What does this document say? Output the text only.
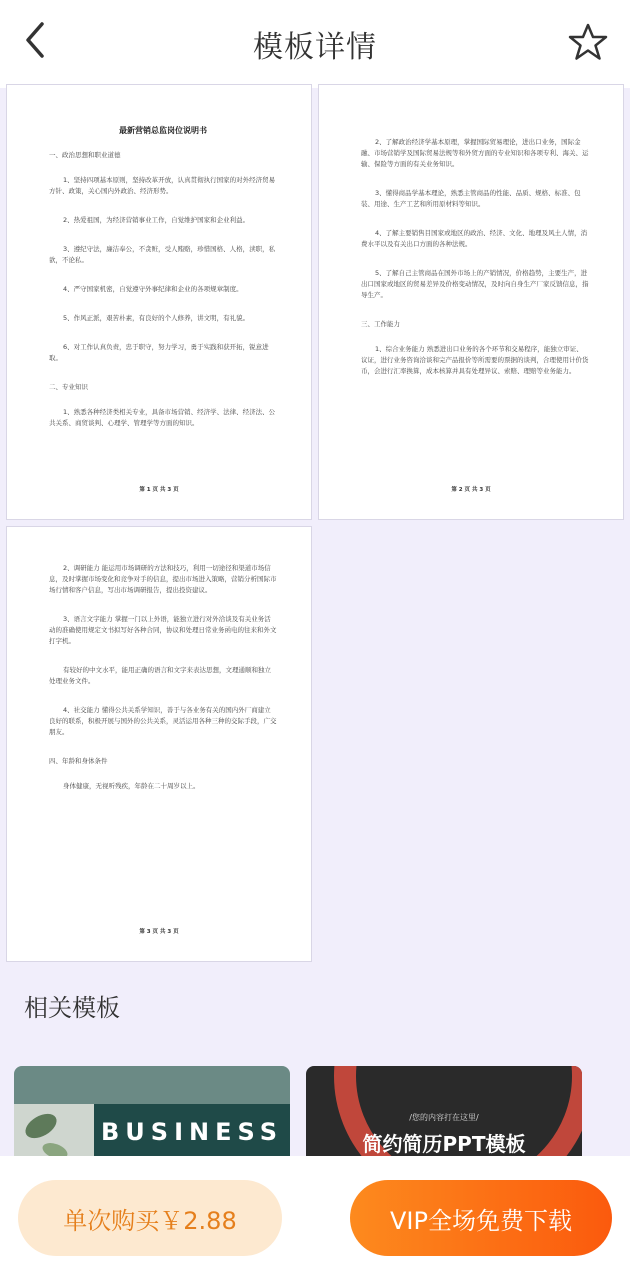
模板详情
最新营销总监岗位说明书
一、政治思想和职业道德
1、坚持四项基本原则，坚持改革开放，认真贯彻执行国家的对外经济贸易方针、政策，关心国内外政治、经济形势。
2、热爱祖国，为经济营销事业工作，自觉维护国家和企业利益。
3、遵纪守法，廉洁奉公，不贪赃，受人贿赂，珍惜国格、人格，渎职，私欲，不论私。
4、严守国家机密，自觉遵守外事纪律和企业的各项规章制度。
5、作风正派，艰苦朴素，有良好的个人修养，讲文明，有礼貌。
6、对工作认真负责，忠于职守，努力学习，勇于实践和获开拓，锐意进取。
二、专业知识
1、熟悉各种经济类相关专业，具备市场营销、经济学、法律、经济法、公共关系、商贸谈判、心理学、管理学等方面的知识。
第 1 页 共 3 页
2、了解政治经济学基本原理，掌握国际贸易理论，进出口业务，国际金融、市场营销学及国际贸易法规等和外贸方面的专业知识和各项专利、海关、运输、保险等方面的有关业务知识。
3、懂得商品学基本理论，熟悉主管商品的性能、品质、规格、标准、包装、用途、生产工艺和所用原材料等知识。
4、了解主要销售目国家或地区的政治、经济、文化、地理及风土人情，消费水平以及有关出口方面的各种法规。
5、了解自己主管商品在国外市场上的产销情况，价格趋势，主要生产，进出口国家或地区的贸易差异及价格变动情况，及时向自身生产厂家反馈信息，指导生产。
三、工作能力
1、综合业务能力 熟悉进出口业务的各个环节和交易程序，能独立审证、议证，进行业务咨询洽谈和完产品报价等所需要的票据的谈判，合理使用计价货币，会进行汇率换算，成本核算并具有处理异议、索赔、理赔等业务能力。
第 2 页 共 3 页
2、调研能力 能运用市场调研的方法和技巧，利用一切途径和渠道市场信息，及时掌握市场变化和竞争对手的信息，提出市场进入策略，营销分析国际市场行情和客户信息，写出市场调研报告，提出投资建议。
3、语言文字能力 掌握一门以上外语，能独立进行对外洽谈及有关业务活动的准确使用规定文书拟写好各种合同，协议和处理日常业务函电的往来和外文打字机。
有较好的中文水平，能用正确的语言和文字来表达思想，文理通顺和独立处理业务文件。
4、社交能力 懂得公共关系学知识，善于与各业务有关的国内外厂商建立良好的联系，积极开展与国外的公共关系，灵活运用各种三种的交际手段，广交朋友。
四、年龄和身体条件
身体健康，无视听残疾，年龄在二十周岁以上。
第 3 页 共 3 页
相关模板
BUSINESS
/您的内容打在这里/
简约简历PPT模板
单次购买￥2.88	VIP全场免费下载
